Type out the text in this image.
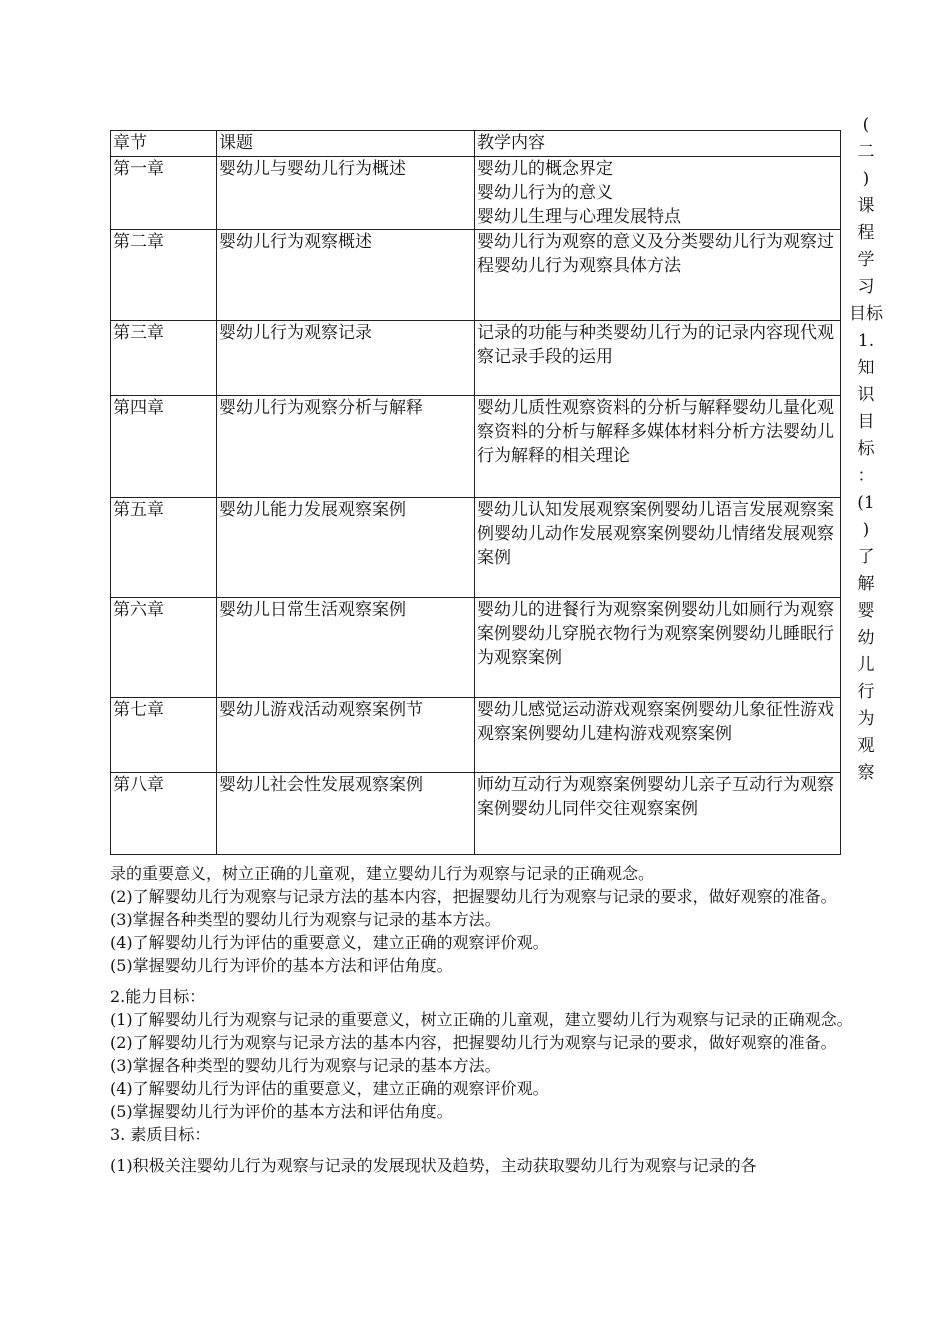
章节	课题	教学内容
第一章	婴幼儿与婴幼儿行为概述	婴幼儿的概念界定
婴幼儿行为的意义
婴幼儿生理与心理发展特点

第二章	婴幼儿行为观察概述	婴幼儿行为观察的意义及分类婴幼儿行为观察过程婴幼儿行为观察具体方法
第三章	婴幼儿行为观察记录	记录的功能与种类婴幼儿行为的记录内容现代观察记录手段的运用
第四章	婴幼儿行为观察分析与解释	婴幼儿质性观察资料的分析与解释婴幼儿量化观察资料的分析与解释多媒体材料分析方法婴幼儿行为解释的相关理论
第五章	婴幼儿能力发展观察案例	婴幼儿认知发展观察案例婴幼儿语言发展观察案例婴幼儿动作发展观察案例婴幼儿情绪发展观察案例
第六章	婴幼儿日常生活观察案例	婴幼儿的进餐行为观察案例婴幼儿如厕行为观察案例婴幼儿穿脱衣物行为观察案例婴幼儿睡眠行为观察案例
第七章	婴幼儿游戏活动观察案例节	婴幼儿感觉运动游戏观察案例婴幼儿象征性游戏观察案例婴幼儿建构游戏观察案例
第八章	婴幼儿社会性发展观察案例	师幼互动行为观察案例婴幼儿亲子互动行为观察案例婴幼儿同伴交往观察案例
(
二
)
课
程
学
习
目标
1.
知
识
目
标
：
(1
)
了
解
婴
幼
儿
行
为
观
察

录的重要意义，树立正确的儿童观，建立婴幼儿行为观察与记录的正确观念。

(2)了解婴幼儿行为观察与记录方法的基本内容，把握婴幼儿行为观察与记录的要求，做好观察的准备。

(3)掌握各种类型的婴幼儿行为观察与记录的基本方法。

(4)了解婴幼儿行为评估的重要意义，建立正确的观察评价观。

(5)掌握婴幼儿行为评价的基本方法和评估角度。

2.能力目标：

(1)了解婴幼儿行为观察与记录的重要意义，树立正确的儿童观，建立婴幼儿行为观察与记录的正确观念。

(2)了解婴幼儿行为观察与记录方法的基本内容，把握婴幼儿行为观察与记录的要求，做好观察的准备。

(3)掌握各种类型的婴幼儿行为观察与记录的基本方法。

(4)了解婴幼儿行为评估的重要意义，建立正确的观察评价观。

(5)掌握婴幼儿行为评价的基本方法和评估角度。

3. 素质目标：

(1)积极关注婴幼儿行为观察与记录的发展现状及趋势，主动获取婴幼儿行为观察与记录的各
